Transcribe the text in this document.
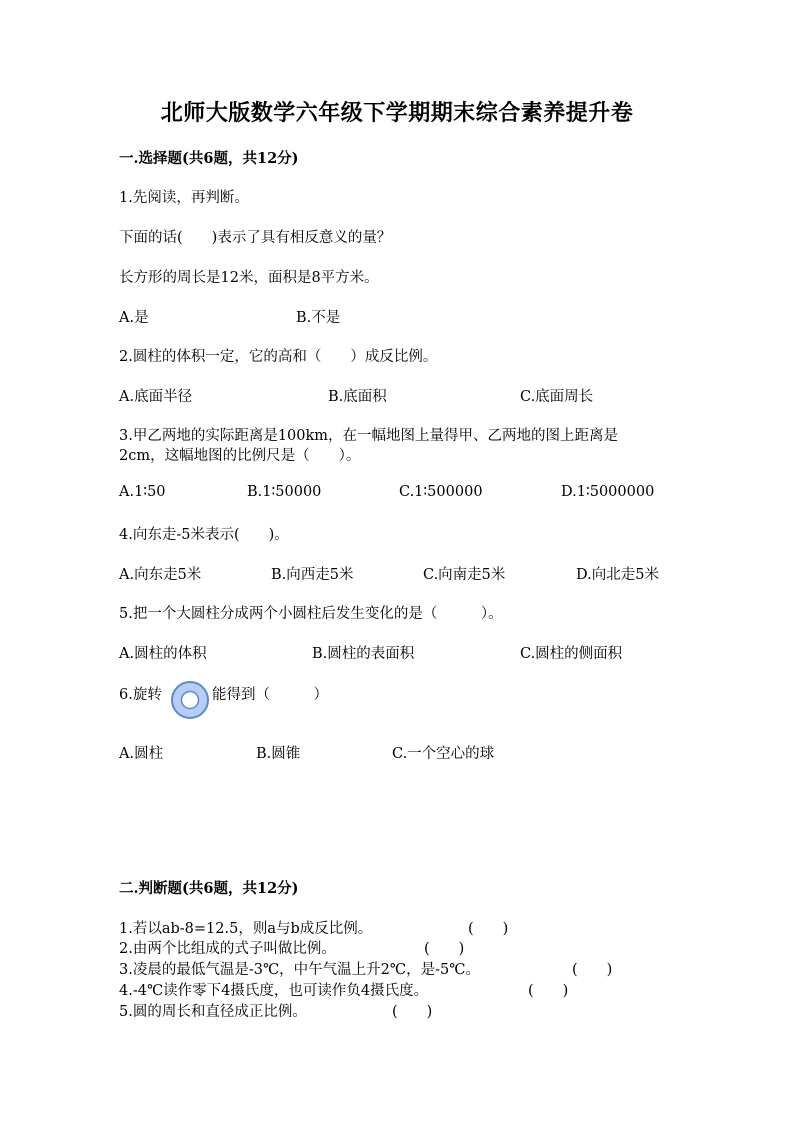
北师大版数学六年级下学期期末综合素养提升卷
一.选择题(共6题，共12分)
1.先阅读，再判断。
下面的话(　　)表示了具有相反意义的量？
长方形的周长是12米，面积是8平方米。
A.是	B.不是
2.圆柱的体积一定，它的高和（　　）成反比例。
A.底面半径	B.底面积	C.底面周长
3.甲乙两地的实际距离是100km，在一幅地图上量得甲、乙两地的图上距离是
2cm，这幅地图的比例尺是（　　）。
A.1∶50	B.1∶50000	C.1∶500000	D.1∶5000000
4.向东走-5米表示(　　)。
A.向东走5米	B.向西走5米	C.向南走5米	D.向北走5米
5.把一个大圆柱分成两个小圆柱后发生变化的是（　　　）。
A.圆柱的体积	B.圆柱的表面积	C.圆柱的侧面积
6.旋转	能得到（　　　）
A.圆柱	B.圆锥	C.一个空心的球
二.判断题(共6题，共12分)
1.若以ab-8=12.5，则a与b成反比例。	(　　)
2.由两个比组成的式子叫做比例。	(　　)
3.凌晨的最低气温是-3℃，中午气温上升2℃，是-5℃。	(　　)
4.-4℃读作零下4摄氏度，也可读作负4摄氏度。	(　　)
5.圆的周长和直径成正比例。	(　　)
